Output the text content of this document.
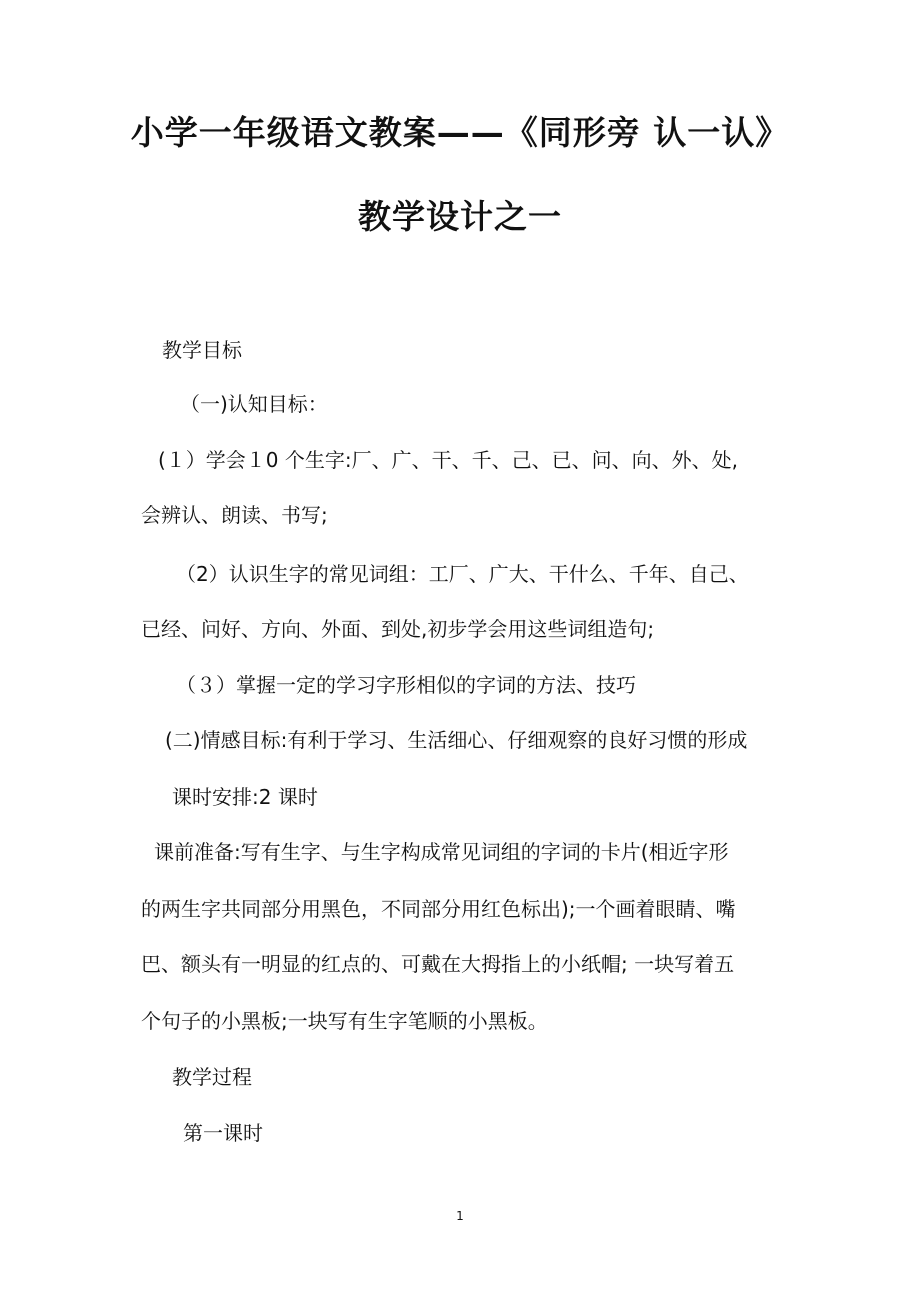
小学一年级语文教案——《同形旁 认一认》
教学设计之一
教学目标
（一)认知目标：
(１）学会１0 个生字:厂、广、干、千、己、已、问、向、外、处,
会辨认、朗读、书写;
（2）认识生字的常见词组：工厂、广大、干什么、千年、自己、
已经、问好、方向、外面、到处,初步学会用这些词组造句;
（３）掌握一定的学习字形相似的字词的方法、技巧
(二)情感目标:有利于学习、生活细心、仔细观察的良好习惯的形成
课时安排:2 课时
课前准备:写有生字、与生字构成常见词组的字词的卡片(相近字形
的两生字共同部分用黑色，不同部分用红色标出);一个画着眼睛、嘴
巴、额头有一明显的红点的、可戴在大拇指上的小纸帽; 一块写着五
个句子的小黑板;一块写有生字笔顺的小黑板。
教学过程
第一课时
1
